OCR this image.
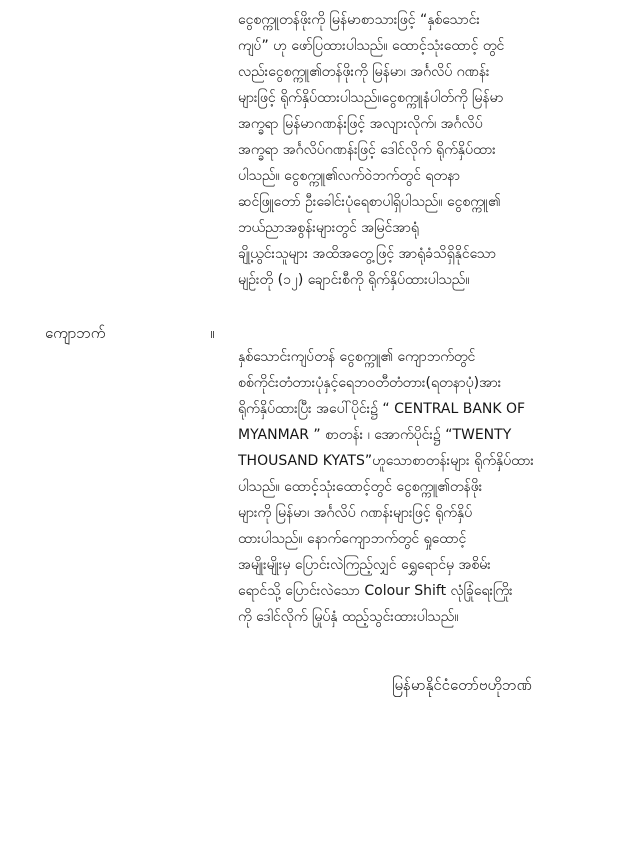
ငွေစက္ကူတန်ဖိုးကို မြန်မာစာသားဖြင့် “နှစ်သောင်း
ကျပ်” ဟု ဖော်ပြထားပါသည်။ ထောင့်သုံးထောင့် တွင်
လည်းငွေစက္ကူ၏တန်ဖိုးကို မြန်မာ၊ အင်္ဂလိပ် ဂဏန်း
များဖြင့် ရိုက်နှိပ်ထားပါသည်။ငွေစက္ကူနံပါတ်ကို မြန်မာ
အက္ခရာ မြန်မာဂဏန်းဖြင့် အလျားလိုက်၊ အင်္ဂလိပ်
အက္ခရာ အင်္ဂလိပ်ဂဏန်းဖြင့် ဒေါင်လိုက် ရိုက်နှိပ်ထား
ပါသည်။ ငွေစက္ကူ၏လက်ဝဲဘက်တွင် ရတနာ
ဆင်ဖြူတော် ဦးခေါင်းပုံရေစာပါရှိပါသည်။ ငွေစက္ကူ၏
ဘယ်ညာအစွန်းများတွင် အမြင်အာရုံ
ချို့ယွင်းသူများ အထိအတွေ့ဖြင့် အာရုံခံသိရှိနိုင်သော
မျဉ်းတို (၁၂) ချောင်းစီကို ရိုက်နှိပ်ထားပါသည်။
ကျောဘက်	။
နှစ်သောင်းကျပ်တန် ငွေစက္ကူ၏ ကျောဘက်တွင်
စစ်ကိုင်းတံတားပုံနှင့်ရေဘဝတီတံတား(ရတနာပုံ)အား
ရိုက်နှိပ်ထားပြီး အပေါ်ပိုင်း၌ “ CENTRAL BANK OF
MYANMAR ” စာတန်း ၊ အောက်ပိုင်း၌ “TWENTY
THOUSAND KYATS”ဟူသောစာတန်းများ ရိုက်နှိပ်ထား
ပါသည်။ ထောင့်သုံးထောင့်တွင် ငွေစက္ကူ၏တန်ဖိုး
များကို မြန်မာ၊ အင်္ဂလိပ် ဂဏန်းများဖြင့် ရိုက်နှိပ်
ထားပါသည်။ နောက်ကျောဘက်တွင် ရှုထောင့်
အမျိုးမျိုးမှ ပြောင်းလဲကြည့်လျှင် ရွှေရောင်မှ အစိမ်း
ရောင်သို့ ပြောင်းလဲသော Colour Shift လုံခြုံရေးကြိုး
ကို ဒေါင်လိုက် မြုပ်နှံ ထည့်သွင်းထားပါသည်။
မြန်မာနိုင်ငံတော်ဗဟိုဘဏ်
